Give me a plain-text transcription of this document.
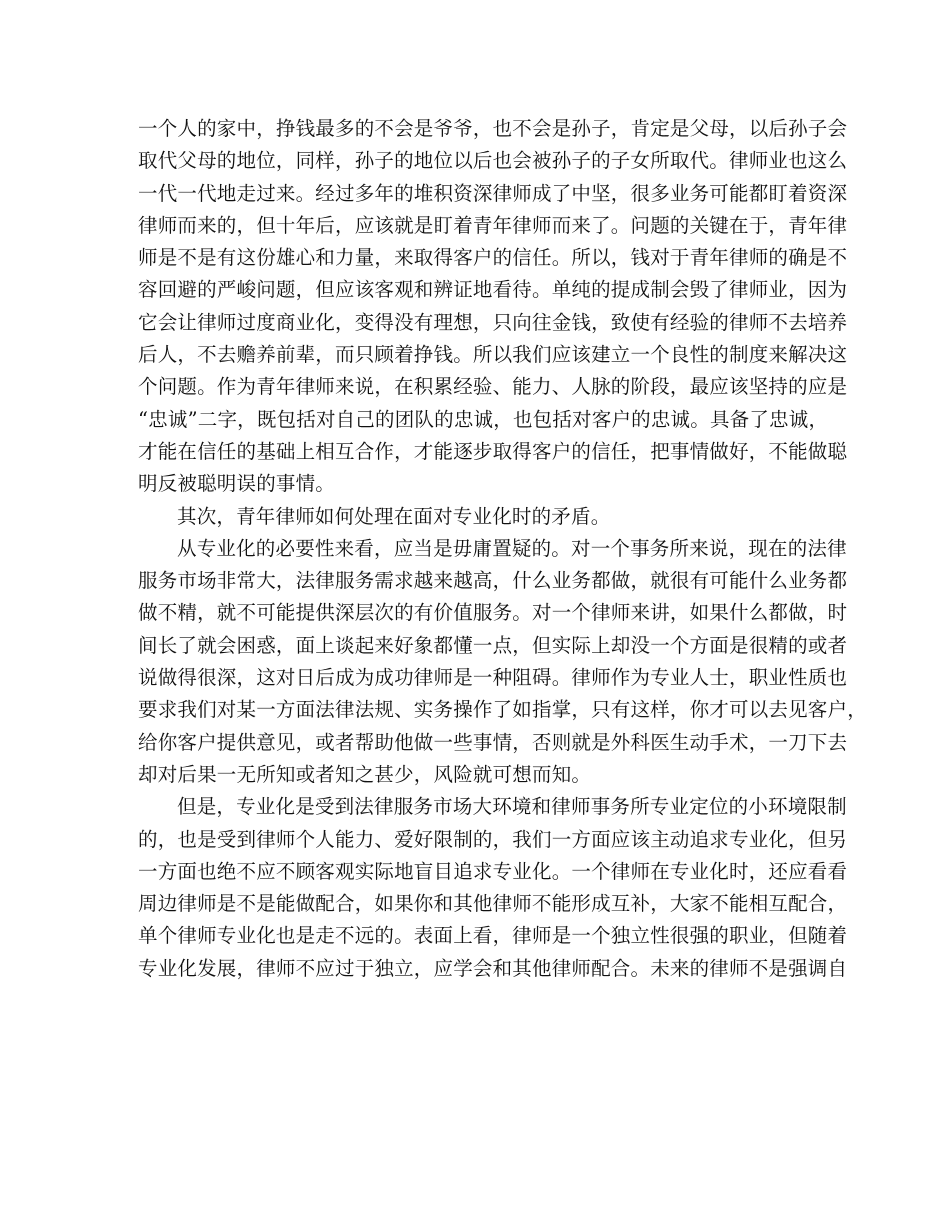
一个人的家中，挣钱最多的不会是爷爷，也不会是孙子，肯定是父母，以后孙子会
取代父母的地位，同样，孙子的地位以后也会被孙子的子女所取代。律师业也这么
一代一代地走过来。经过多年的堆积资深律师成了中坚，很多业务可能都盯着资深
律师而来的，但十年后，应该就是盯着青年律师而来了。问题的关键在于，青年律
师是不是有这份雄心和力量，来取得客户的信任。所以，钱对于青年律师的确是不
容回避的严峻问题，但应该客观和辨证地看待。单纯的提成制会毁了律师业，因为
它会让律师过度商业化，变得没有理想，只向往金钱，致使有经验的律师不去培养
后人，不去赡养前辈，而只顾着挣钱。所以我们应该建立一个良性的制度来解决这
个问题。作为青年律师来说，在积累经验、能力、人脉的阶段，最应该坚持的应是
“忠诚”二字，既包括对自己的团队的忠诚，也包括对客户的忠诚。具备了忠诚，
才能在信任的基础上相互合作，才能逐步取得客户的信任，把事情做好，不能做聪
明反被聪明误的事情。
其次，青年律师如何处理在面对专业化时的矛盾。
从专业化的必要性来看，应当是毋庸置疑的。对一个事务所来说，现在的法律
服务市场非常大，法律服务需求越来越高，什么业务都做，就很有可能什么业务都
做不精，就不可能提供深层次的有价值服务。对一个律师来讲，如果什么都做，时
间长了就会困惑，面上谈起来好象都懂一点，但实际上却没一个方面是很精的或者
说做得很深，这对日后成为成功律师是一种阻碍。律师作为专业人士，职业性质也
要求我们对某一方面法律法规、实务操作了如指掌，只有这样，你才可以去见客户，
给你客户提供意见，或者帮助他做一些事情，否则就是外科医生动手术，一刀下去
却对后果一无所知或者知之甚少，风险就可想而知。
但是，专业化是受到法律服务市场大环境和律师事务所专业定位的小环境限制
的，也是受到律师个人能力、爱好限制的，我们一方面应该主动追求专业化，但另
一方面也绝不应不顾客观实际地盲目追求专业化。一个律师在专业化时，还应看看
周边律师是不是能做配合，如果你和其他律师不能形成互补，大家不能相互配合，
单个律师专业化也是走不远的。表面上看，律师是一个独立性很强的职业，但随着
专业化发展，律师不应过于独立，应学会和其他律师配合。未来的律师不是强调自
